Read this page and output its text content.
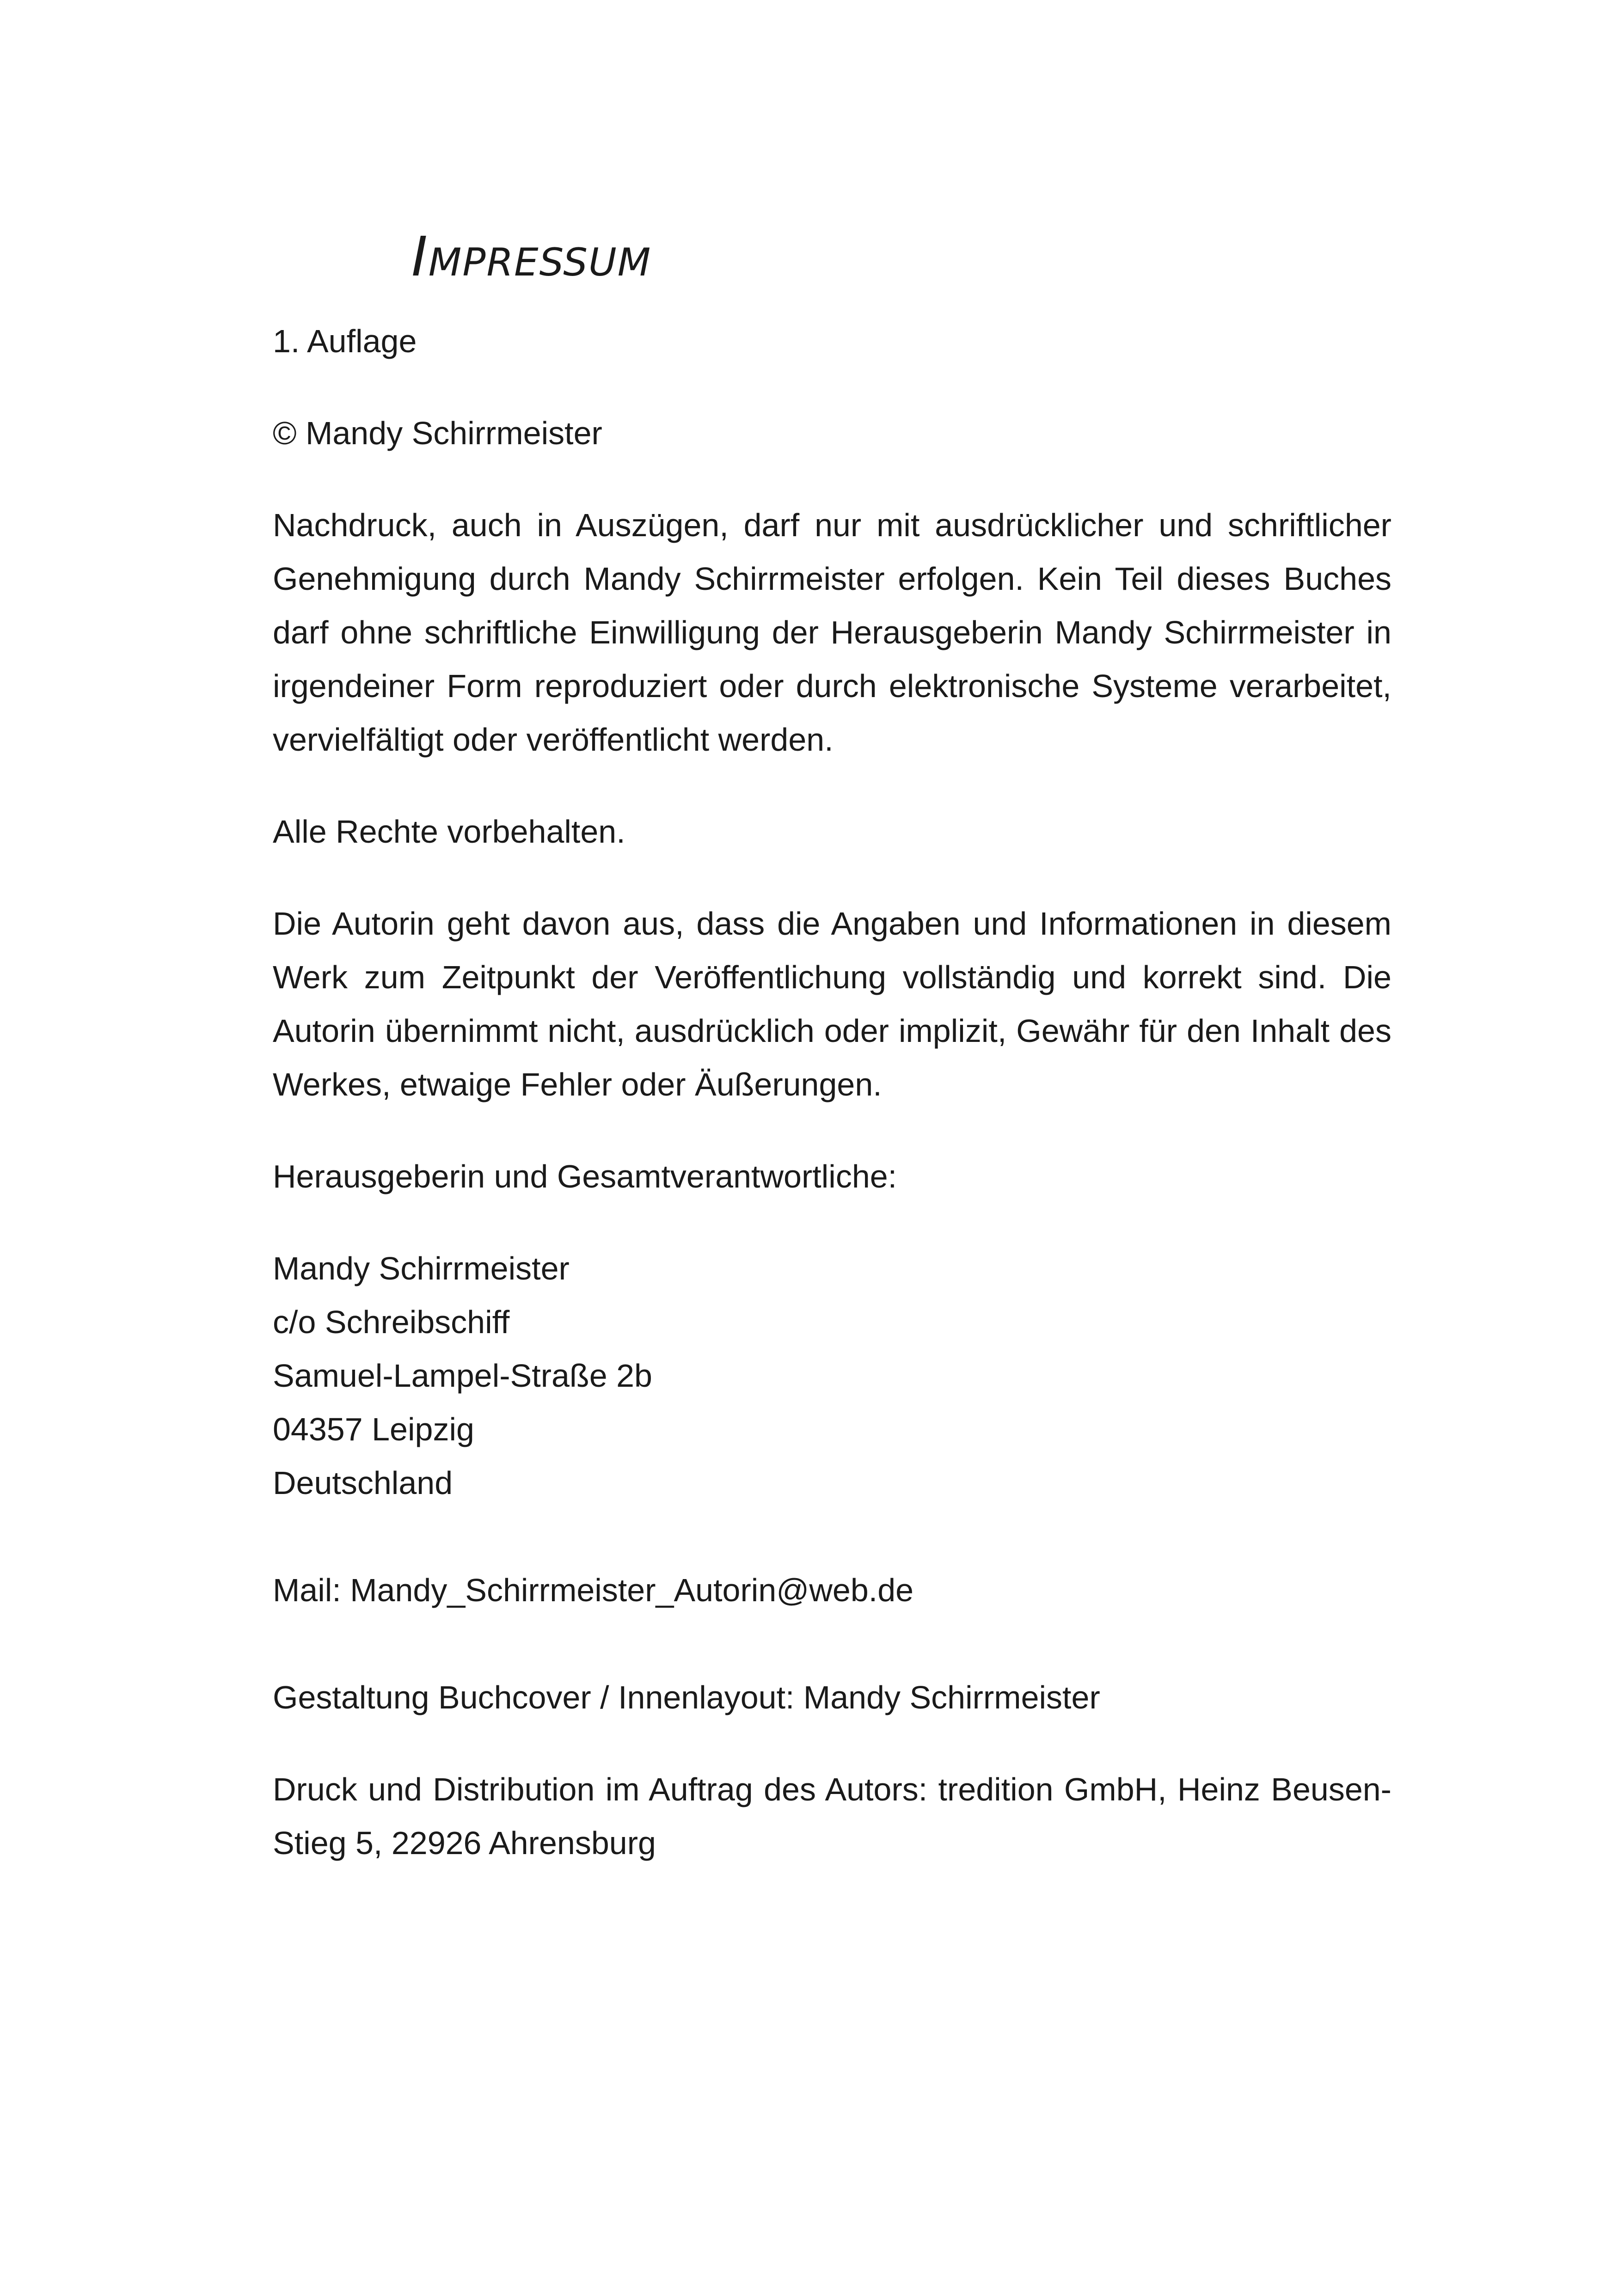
Impressum

1. Auflage

© Mandy Schirrmeister

Nachdruck, auch in Auszügen, darf nur mit ausdrücklicher und schriftlicher Genehmigung durch Mandy Schirrmeister erfolgen. Kein Teil dieses Buches darf ohne schriftliche Einwilligung der Herausgeberin Mandy Schirrmeister in irgendeiner Form reproduziert oder durch elektronische Systeme verarbeitet, vervielfältigt oder veröffentlicht werden.

Alle Rechte vorbehalten.

Die Autorin geht davon aus, dass die Angaben und Informationen in diesem Werk zum Zeitpunkt der Veröffentlichung vollständig und korrekt sind. Die Autorin übernimmt nicht, ausdrücklich oder implizit, Gewähr für den Inhalt des Werkes, etwaige Fehler oder Äußerungen.

Herausgeberin und Gesamtverantwortliche:

Mandy Schirrmeister
c/o Schreibschiff
Samuel-Lampel-Straße 2b
04357 Leipzig
Deutschland

Mail: Mandy_Schirrmeister_Autorin@web.de

Gestaltung Buchcover / Innenlayout: Mandy Schirrmeister

Druck und Distribution im Auftrag des Autors: tredition GmbH, Heinz Beusen-Stieg 5, 22926 Ahrensburg
